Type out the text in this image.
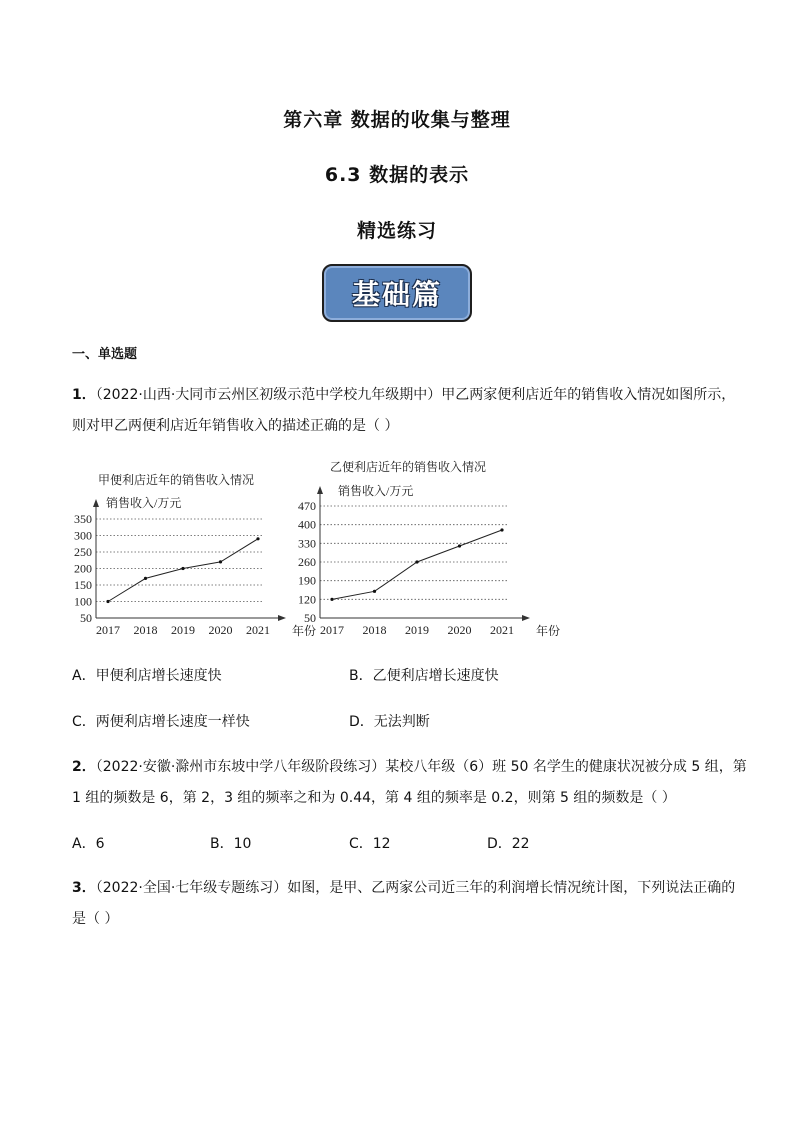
第六章 数据的收集与整理
6.3 数据的表示
精选练习
基础篇
一、单选题
1．（2022·山西·大同市云州区初级示范中学校九年级期中）甲乙两家便利店近年的销售收入情况如图所示，
则对甲乙两便利店近年销售收入的描述正确的是（ ）
甲便利店近年的销售收入情况
销售收入/万元
50
100
150
200
250
300
350
2017 2018 2019 2020 2021 年份
乙便利店近年的销售收入情况
销售收入/万元
50
120
190
260
330
400
470
2017 2018 2019 2020 2021 年份
A．甲便利店增长速度快	B．乙便利店增长速度快
C．两便利店增长速度一样快	D．无法判断
2．（2022·安徽·滁州市东坡中学八年级阶段练习）某校八年级（6）班 50 名学生的健康状况被分成 5 组，第
1 组的频数是 6，第 2，3 组的频率之和为 0.44，第 4 组的频率是 0.2，则第 5 组的频数是（ ）
A．6	B．10	C．12	D．22
3．（2022·全国·七年级专题练习）如图，是甲、乙两家公司近三年的利润增长情况统计图，下列说法正确的
是（ ）
